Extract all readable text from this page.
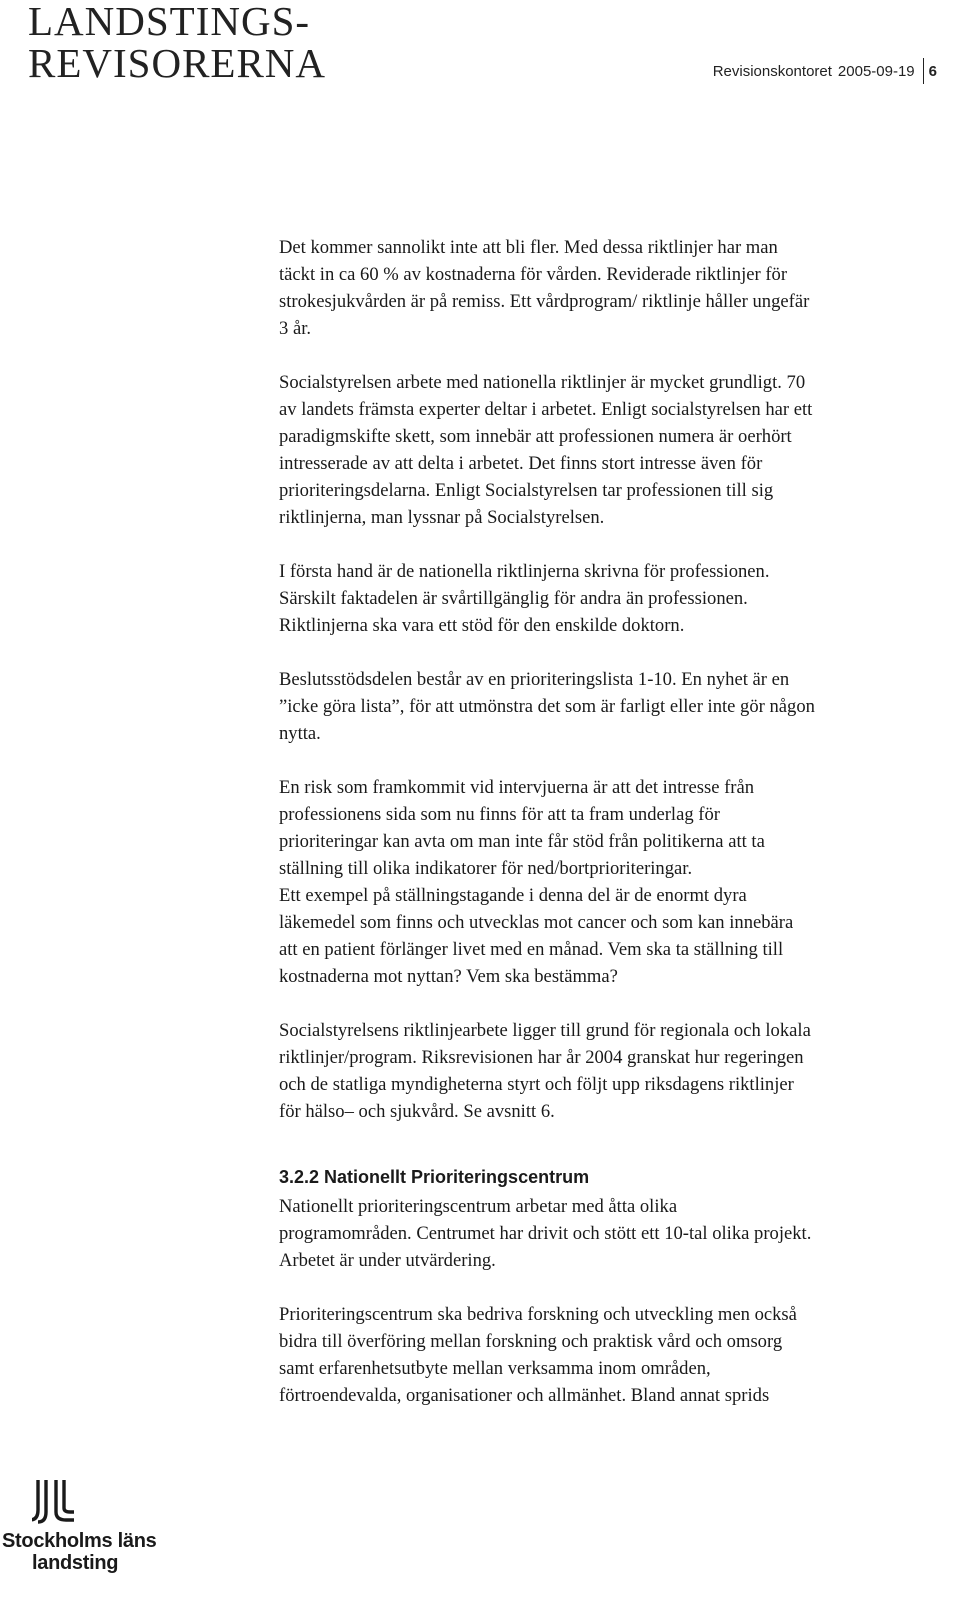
LANDSTINGS-
REVISORERNA	Revisionskontoret 2005-09-19 6

Det kommer sannolikt inte att bli fler. Med dessa riktlinjer har man
täckt in ca 60 % av kostnaderna för vården. Reviderade riktlinjer för
strokesjukvården är på remiss. Ett vårdprogram/ riktlinje håller ungefär
3 år.

Socialstyrelsen arbete med nationella riktlinjer är mycket grundligt. 70
av landets främsta experter deltar i arbetet. Enligt socialstyrelsen har ett
paradigmskifte skett, som innebär att professionen numera är oerhört
intresserade av att delta i arbetet. Det finns stort intresse även för
prioriteringsdelarna. Enligt Socialstyrelsen tar professionen till sig
riktlinjerna, man lyssnar på Socialstyrelsen.

I första hand är de nationella riktlinjerna skrivna för professionen.
Särskilt faktadelen är svårtillgänglig för andra än professionen.
Riktlinjerna ska vara ett stöd för den enskilde doktorn.

Beslutsstödsdelen består av en prioriteringslista 1-10. En nyhet är en
”icke göra lista”, för att utmönstra det som är farligt eller inte gör någon
nytta.

En risk som framkommit vid intervjuerna är att det intresse från
professionens sida som nu finns för att ta fram underlag för
prioriteringar kan avta om man inte får stöd från politikerna att ta
ställning till olika indikatorer för ned/bortprioriteringar.
Ett exempel på ställningstagande i denna del är de enormt dyra
läkemedel som finns och utvecklas mot cancer och som kan innebära
att en patient förlänger livet med en månad. Vem ska ta ställning till
kostnaderna mot nyttan? Vem ska bestämma?

Socialstyrelsens riktlinjearbete ligger till grund för regionala och lokala
riktlinjer/program. Riksrevisionen har år 2004 granskat hur regeringen
och de statliga myndigheterna styrt och följt upp riksdagens riktlinjer
för hälso– och sjukvård. Se avsnitt 6.

3.2.2 Nationellt Prioriteringscentrum

Nationellt prioriteringscentrum arbetar med åtta olika
programområden. Centrumet har drivit och stött ett 10-tal olika projekt.
Arbetet är under utvärdering.

Prioriteringscentrum ska bedriva forskning och utveckling men också
bidra till överföring mellan forskning och praktisk vård och omsorg
samt erfarenhetsutbyte mellan verksamma inom områden,
förtroendevalda, organisationer och allmänhet. Bland annat sprids

Stockholms läns
landsting
